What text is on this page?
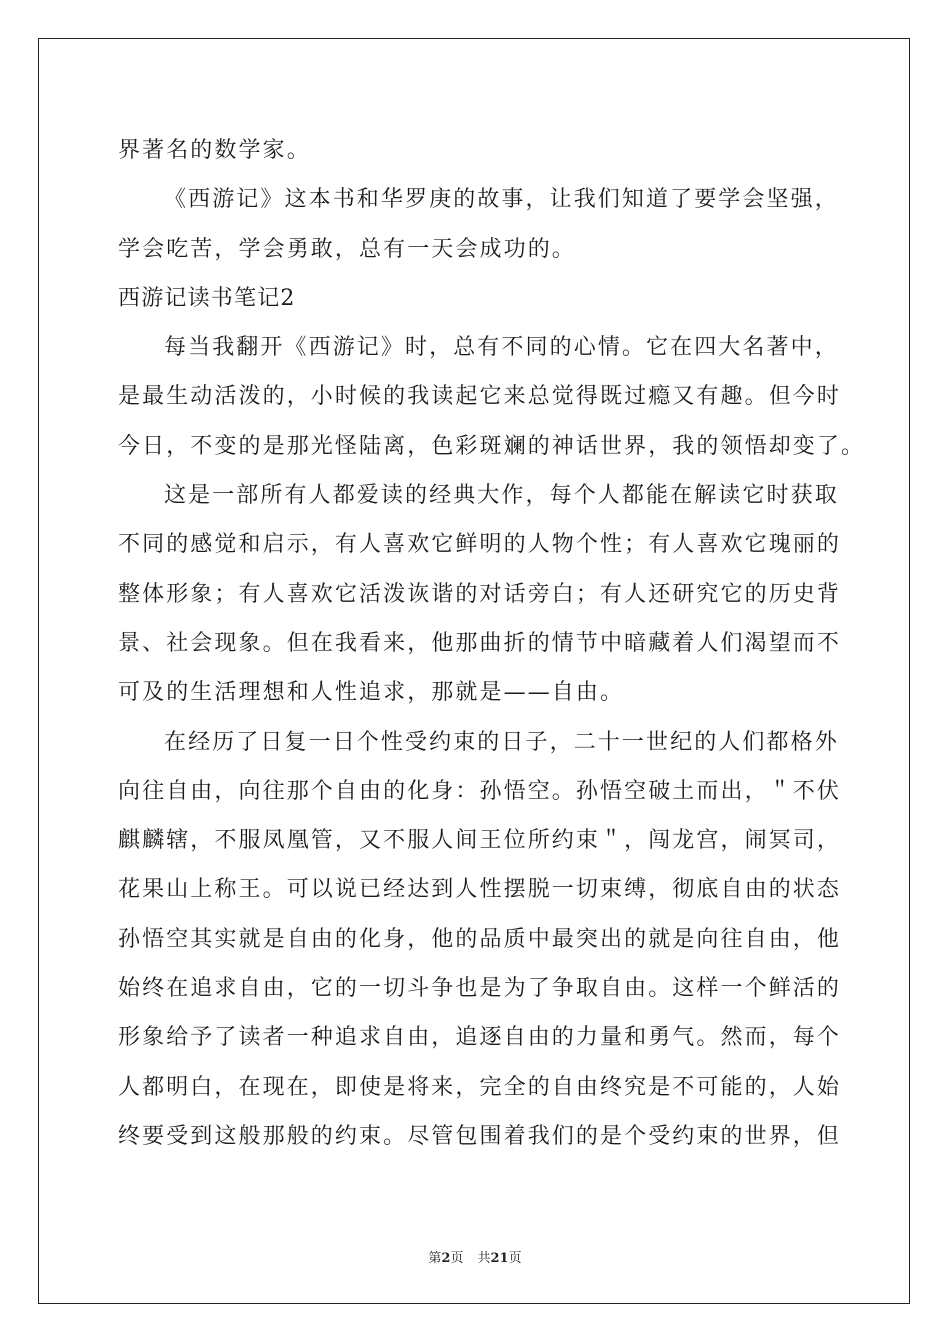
界著名的数学家。
《西游记》这本书和华罗庚的故事，让我们知道了要学会坚强，
学会吃苦，学会勇敢，总有一天会成功的。
西游记读书笔记2
每当我翻开《西游记》时，总有不同的心情。它在四大名著中，
是最生动活泼的，小时候的我读起它来总觉得既过瘾又有趣。但今时
今日，不变的是那光怪陆离，色彩斑斓的神话世界，我的领悟却变了。
这是一部所有人都爱读的经典大作，每个人都能在解读它时获取
不同的感觉和启示，有人喜欢它鲜明的人物个性；有人喜欢它瑰丽的
整体形象；有人喜欢它活泼诙谐的对话旁白；有人还研究它的历史背
景、社会现象。但在我看来，他那曲折的情节中暗藏着人们渴望而不
可及的生活理想和人性追求，那就是——自由。
在经历了日复一日个性受约束的日子，二十一世纪的人们都格外
向往自由，向往那个自由的化身：孙悟空。孙悟空破土而出，＂不伏
麒麟辖，不服凤凰管，又不服人间王位所约束＂，闯龙宫，闹冥司，
花果山上称王。可以说已经达到人性摆脱一切束缚，彻底自由的状态
孙悟空其实就是自由的化身，他的品质中最突出的就是向往自由，他
始终在追求自由，它的一切斗争也是为了争取自由。这样一个鲜活的
形象给予了读者一种追求自由，追逐自由的力量和勇气。然而，每个
人都明白，在现在，即使是将来，完全的自由终究是不可能的，人始
终要受到这般那般的约束。尽管包围着我们的是个受约束的世界，但
第2页 共21页
